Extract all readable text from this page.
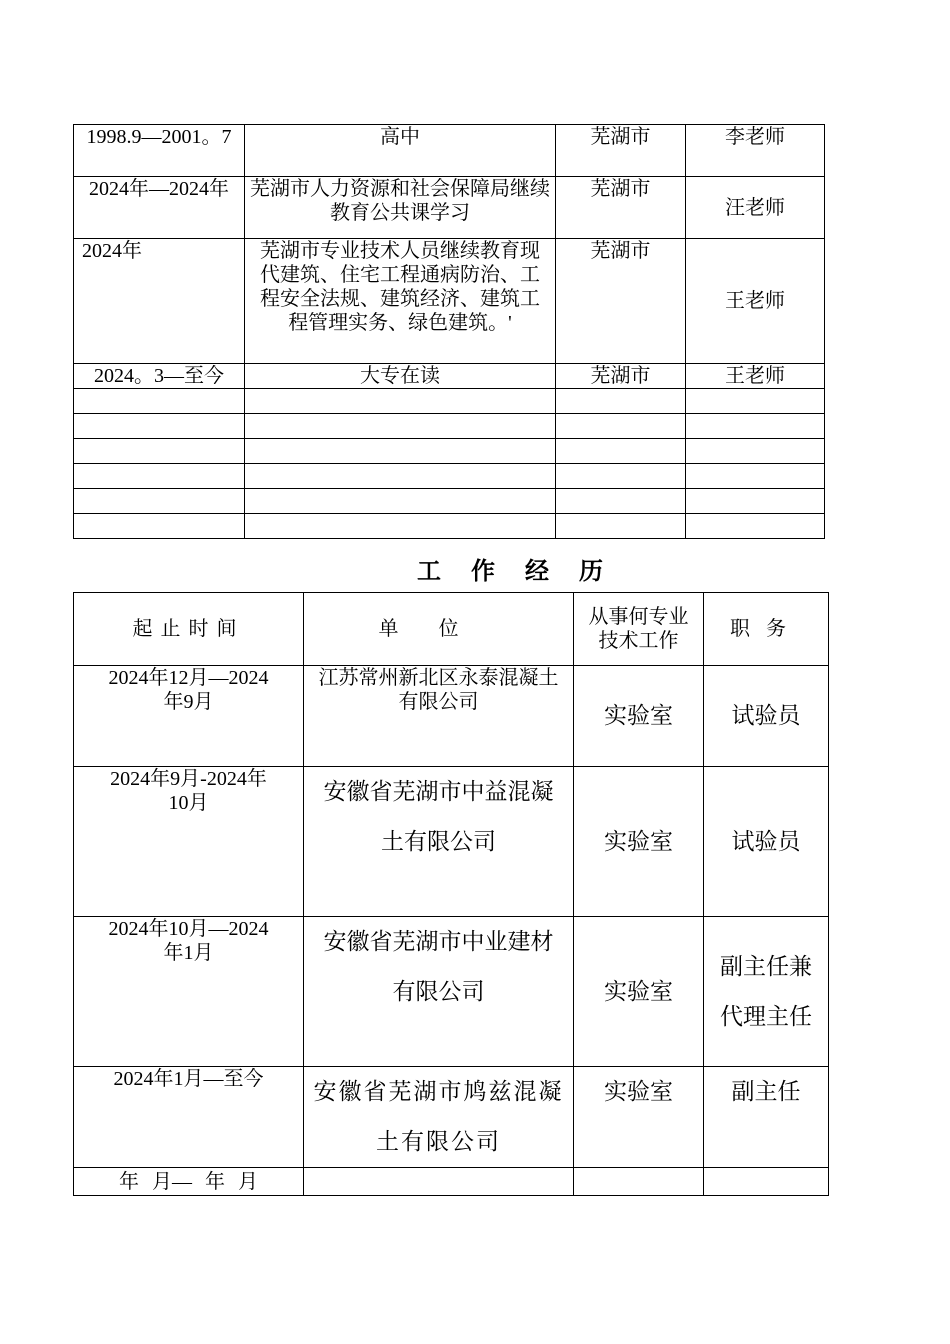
1998.9—2001。7	高中	芜湖市	李老师
2024年—2024年	芜湖市人力资源和社会保障局继续教育公共课学习	芜湖市	汪老师
2024年	芜湖市专业技术人员继续教育现代建筑、住宅工程通病防治、工程安全法规、建筑经济、建筑工程管理实务、绿色建筑。'	芜湖市	王老师
2024。3—至今	大专在读	芜湖市	王老师

工作经历
起止时间	单位	从事何专业技术工作	职务
2024年12月—2024年9月	江苏常州新北区永泰混凝土有限公司	实验室	试验员
2024年9月-2024年10月	安徽省芜湖市中益混凝土有限公司	实验室	试验员
2024年10月—2024年1月	安徽省芜湖市中业建材有限公司	实验室	副主任兼代理主任
2024年1月—至今	安徽省芜湖市鸠兹混凝土有限公司	实验室	副主任
年 月— 年 月			
